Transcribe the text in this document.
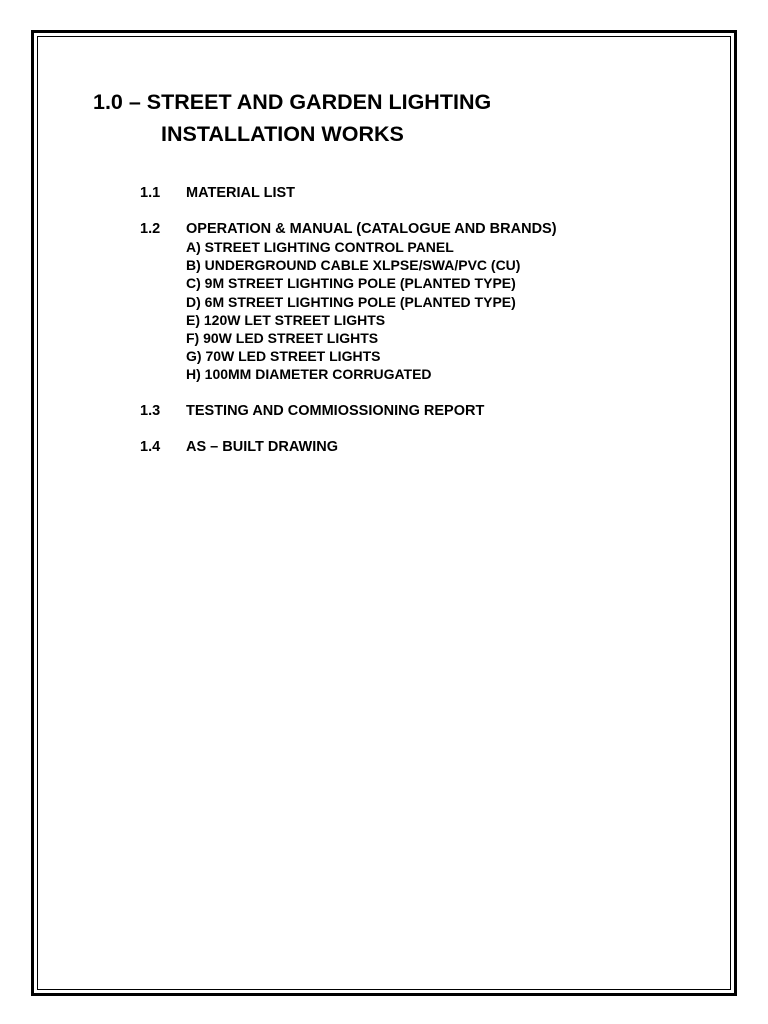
1.0 – STREET AND GARDEN LIGHTING
INSTALLATION WORKS
1.1	MATERIAL LIST
1.2	OPERATION & MANUAL (CATALOGUE AND BRANDS)
A) STREET LIGHTING CONTROL PANEL
B) UNDERGROUND CABLE XLPSE/SWA/PVC (CU)
C) 9M STREET LIGHTING POLE (PLANTED TYPE)
D) 6M STREET LIGHTING POLE (PLANTED TYPE)
E) 120W LET STREET LIGHTS
F) 90W LED STREET LIGHTS
G) 70W LED STREET LIGHTS
H) 100MM DIAMETER CORRUGATED
1.3	TESTING AND COMMIOSSIONING REPORT
1.4	AS – BUILT DRAWING
